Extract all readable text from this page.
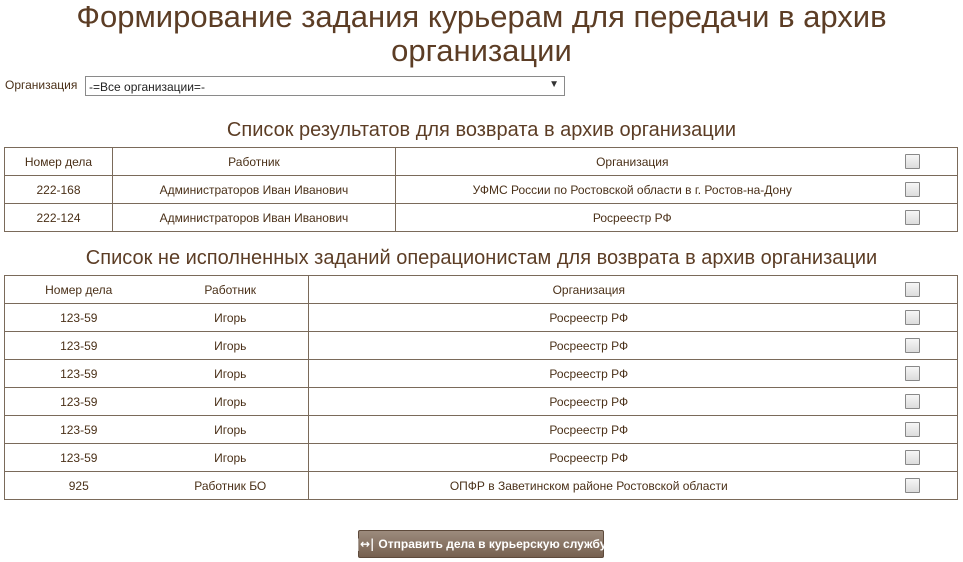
Формирование задания курьерам для передачи в архив организации
Организация -=Все организации=-	▼
Список результатов для возврата в архив организации
Номер дела	Работник	Организация	
222-168	Администраторов Иван Иванович	УФМС России по Ростовской области в г. Ростов-на-Дону	
222-124	Администраторов Иван Иванович	Росреестр РФ	
Список не исполненных заданий операционистам для возврата в архив организации
Номер дела	Работник	Организация	
123-59	Игорь	Росреестр РФ	
123-59	Игорь	Росреестр РФ	
123-59	Игорь	Росреестр РФ	
123-59	Игорь	Росреестр РФ	
123-59	Игорь	Росреестр РФ	
123-59	Игорь	Росреестр РФ	
925	Работник БО	ОПФР в Заветинском районе Ростовской области	
|↔| Отправить дела в курьерскую службу
